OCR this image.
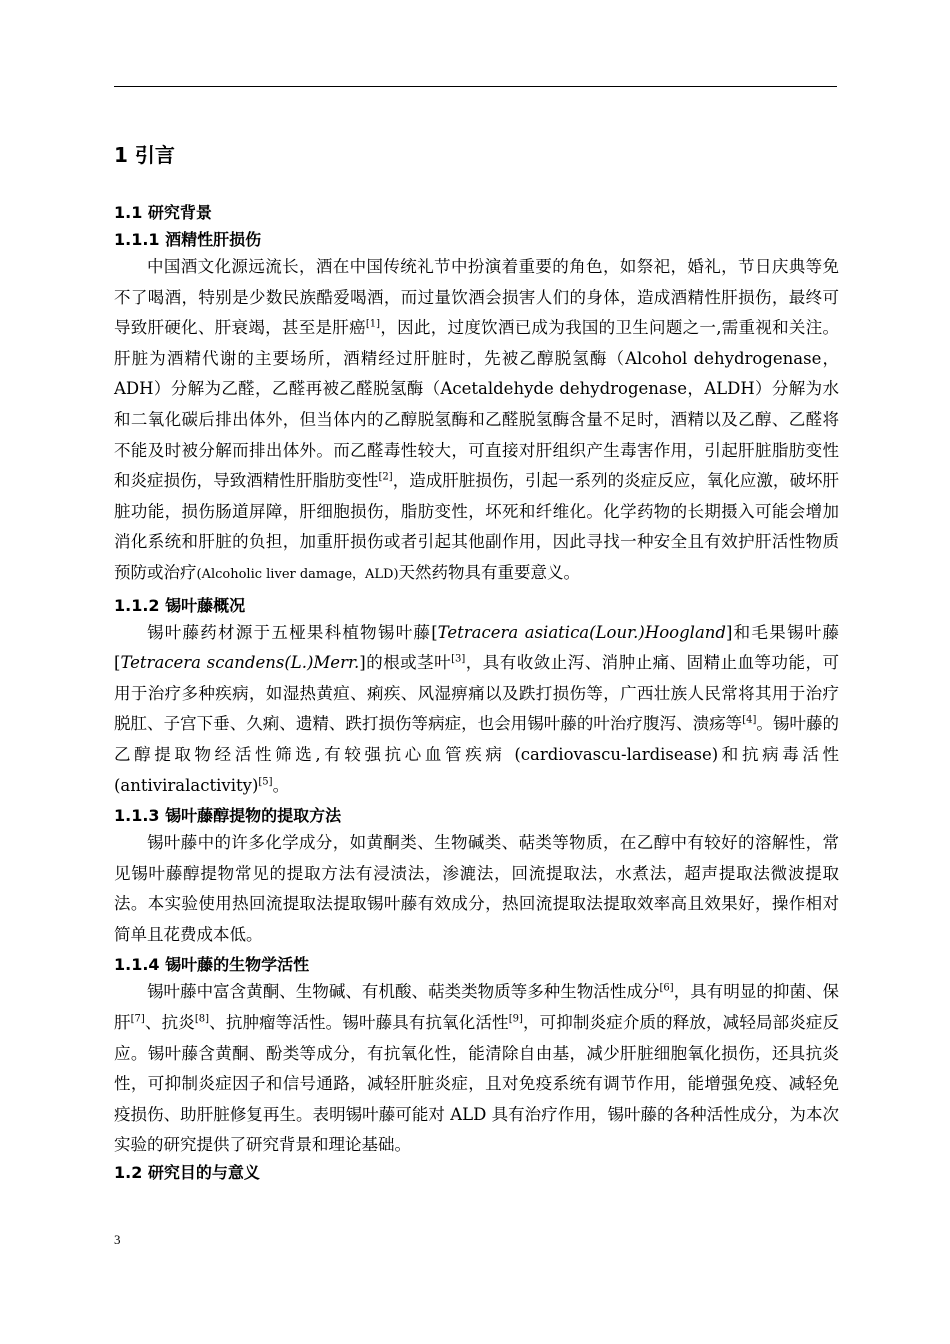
1 引言
1.1 研究背景
1.1.1 酒精性肝损伤

中国酒文化源远流长，酒在中国传统礼节中扮演着重要的角色，如祭祀，婚礼，节日庆典等免不了喝酒，特别是少数民族酷爱喝酒，而过量饮酒会损害人们的身体，造成酒精性肝损伤，最终可导致肝硬化、肝衰竭，甚至是肝癌[1]，因此，过度饮酒已成为我国的卫生问题之一,需重视和关注。肝脏为酒精代谢的主要场所，酒精经过肝脏时，先被乙醇脱氢酶（Alcohol dehydrogenase，ADH）分解为乙醛，乙醛再被乙醛脱氢酶（Acetaldehyde dehydrogenase，ALDH）分解为水和二氧化碳后排出体外，但当体内的乙醇脱氢酶和乙醛脱氢酶含量不足时，酒精以及乙醇、乙醛将不能及时被分解而排出体外。而乙醛毒性较大，可直接对肝组织产生毒害作用，引起肝脏脂肪变性和炎症损伤，导致酒精性肝脂肪变性[2]，造成肝脏损伤，引起一系列的炎症反应，氧化应激，破坏肝脏功能，损伤肠道屏障，肝细胞损伤，脂肪变性，坏死和纤维化。化学药物的长期摄入可能会增加消化系统和肝脏的负担，加重肝损伤或者引起其他副作用，因此寻找一种安全且有效护肝活性物质预防或治疗(Alcoholic liver damage，ALD)天然药物具有重要意义。

1.1.2 锡叶藤概况

锡叶藤药材源于五桠果科植物锡叶藤[Tetracera asiatica(Lour.)Hoogland]和毛果锡叶藤[Tetracera scandens(L.)Merr.]的根或茎叶[3]，具有收敛止泻、消肿止痛、固精止血等功能，可用于治疗多种疾病，如湿热黄疸、痢疾、风湿痹痛以及跌打损伤等，广西壮族人民常将其用于治疗脱肛、子宫下垂、久痢、遗精、跌打损伤等病症，也会用锡叶藤的叶治疗腹泻、溃疡等[4]。锡叶藤的乙醇提取物经活性筛选,有较强抗心血管疾病 (cardiovascu-lardisease)和抗病毒活性(antiviralactivity)[5]。

1.1.3 锡叶藤醇提物的提取方法

锡叶藤中的许多化学成分，如黄酮类、生物碱类、萜类等物质，在乙醇中有较好的溶解性，常见锡叶藤醇提物常见的提取方法有浸渍法，渗漉法，回流提取法，水煮法，超声提取法微波提取法。本实验使用热回流提取法提取锡叶藤有效成分，热回流提取法提取效率高且效果好，操作相对简单且花费成本低。

1.1.4 锡叶藤的生物学活性

锡叶藤中富含黄酮、生物碱、有机酸、萜类类物质等多种生物活性成分[6]，具有明显的抑菌、保肝[7]、抗炎[8]、抗肿瘤等活性。锡叶藤具有抗氧化活性[9]，可抑制炎症介质的释放，减轻局部炎症反应。锡叶藤含黄酮、酚类等成分，有抗氧化性，能清除自由基，减少肝脏细胞氧化损伤，还具抗炎性，可抑制炎症因子和信号通路，减轻肝脏炎症，且对免疫系统有调节作用，能增强免疫、减轻免疫损伤、助肝脏修复再生。表明锡叶藤可能对 ALD 具有治疗作用，锡叶藤的各种活性成分，为本次实验的研究提供了研究背景和理论基础。

1.2 研究目的与意义
3
